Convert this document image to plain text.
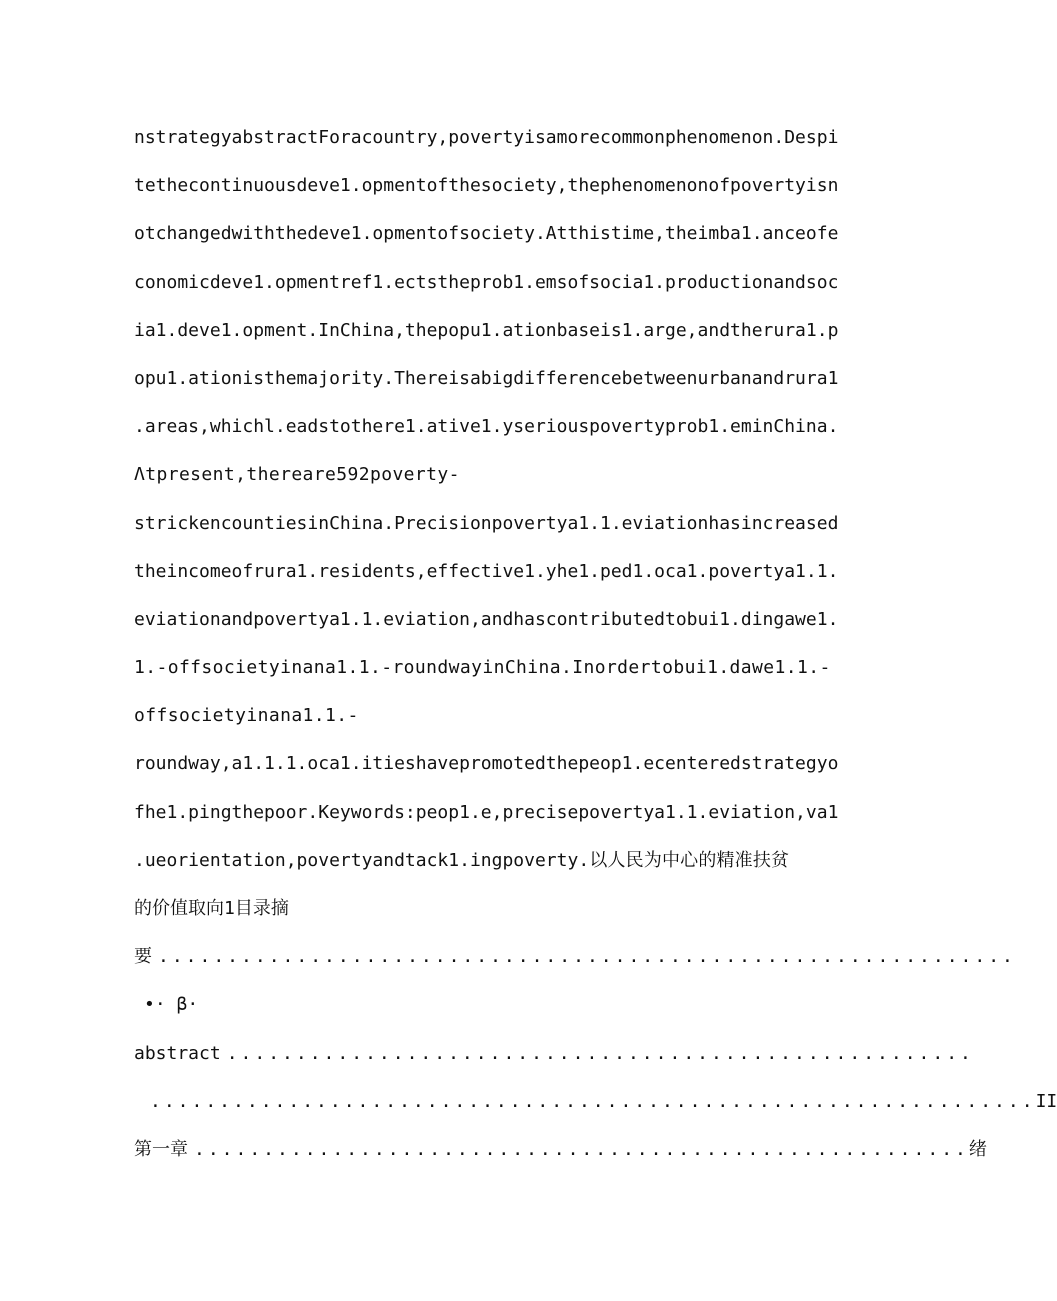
nstrategyabstractForacountry,povertyisamorecommonphenomenon.Despi
tethecontinuousdeve1.opmentofthesociety,thephenomenonofpovertyisn
otchangedwiththedeve1.opmentofsociety.Atthistime,theimba1.anceofe
conomicdeve1.opmentref1.ectstheprob1.emsofsocia1.productionandsoc
ia1.deve1.opment.InChina,thepopu1.ationbaseis1.arge,andtherura1.p
opu1.ationisthemajority.Thereisabigdifferencebetweenurbanandrura1
.areas,whichl.eadstothere1.ative1.yseriouspovertyprob1.eminChina.
Λtpresent,thereare592poverty-
strickencountiesinChina.Precisionpovertya1.1.eviationhasincreased
theincomeofrura1.residents,effective1.yhe1.ped1.oca1.povertya1.1.
eviationandpovertya1.1.eviation,andhascontributedtobui1.dingawe1.
1.-offsocietyinana1.1.-roundwayinChina.Inordertobui1.dawe1.1.-
offsocietyinana1.1.-
roundway,a1.1.1.oca1.itieshavepromotedthepeop1.ecenteredstrategyo
fhe1.pingthepoor.Keywords:peop1.e,precisepovertya1.1.eviation,va1
.ueorientation,povertyandtack1.ingpoverty.以人民为中心的精准扶贫
的价值取向1目录摘
要 ..............................................................
•· β·
abstract ......................................................
................................................................ II
第一章 ........................................................ 绪
